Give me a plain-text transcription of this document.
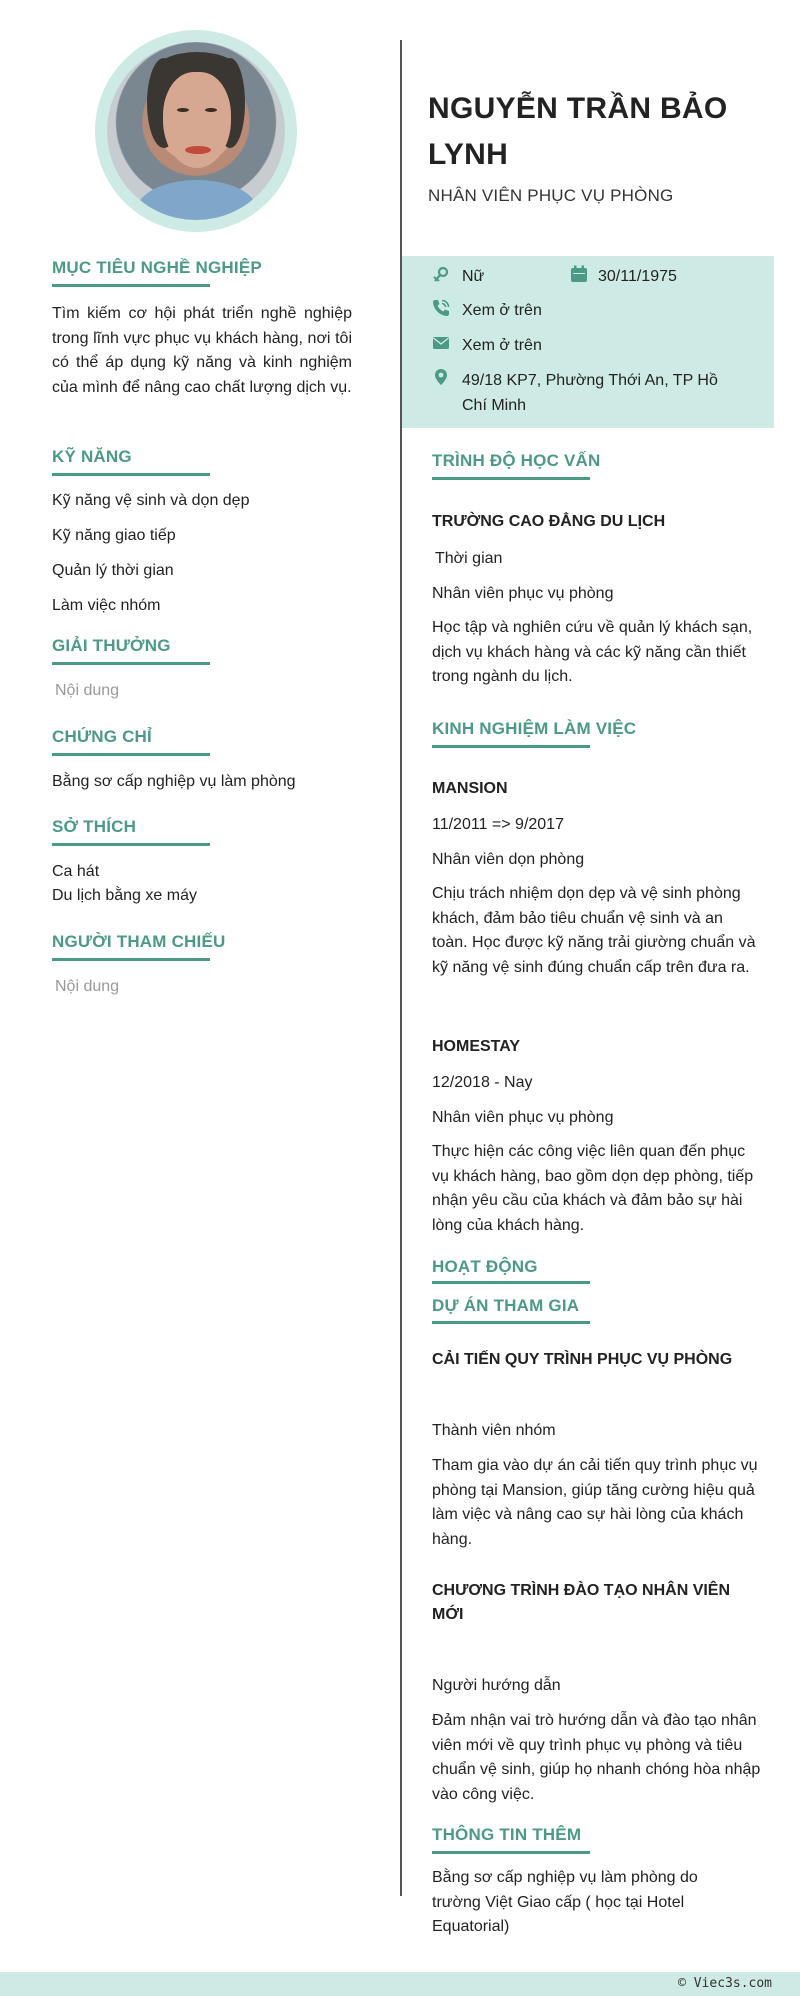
MỤC TIÊU NGHỀ NGHIỆP
Tìm kiếm cơ hội phát triển nghề nghiệp trong lĩnh vực phục vụ khách hàng, nơi tôi có thể áp dụng kỹ năng và kinh nghiệm của mình để nâng cao chất lượng dịch vụ.
KỸ NĂNG
Kỹ năng vệ sinh và dọn dẹp
Kỹ năng giao tiếp
Quản lý thời gian
Làm việc nhóm
GIẢI THƯỞNG
Nội dung
CHỨNG CHỈ
Bằng sơ cấp nghiệp vụ làm phòng
SỞ THÍCH
Ca hát
Du lịch bằng xe máy
NGƯỜI THAM CHIẾU
Nội dung
NGUYỄN TRẦN BẢO LYNH
NHÂN VIÊN PHỤC VỤ PHÒNG
Nữ	30/11/1975
Xem ở trên
Xem ở trên
49/18 KP7, Phường Thới An, TP Hồ Chí Minh
TRÌNH ĐỘ HỌC VẤN
TRƯỜNG CAO ĐẲNG DU LỊCH
Thời gian
Nhân viên phục vụ phòng
Học tập và nghiên cứu về quản lý khách sạn, dịch vụ khách hàng và các kỹ năng cần thiết trong ngành du lịch.
KINH NGHIỆM LÀM VIỆC
MANSION
11/2011 => 9/2017
Nhân viên dọn phòng
Chịu trách nhiệm dọn dẹp và vệ sinh phòng khách, đảm bảo tiêu chuẩn vệ sinh và an toàn. Học được kỹ năng trải giường chuẩn và kỹ năng vệ sinh đúng chuẩn cấp trên đưa ra.
HOMESTAY
12/2018 - Nay
Nhân viên phục vụ phòng
Thực hiện các công việc liên quan đến phục vụ khách hàng, bao gồm dọn dẹp phòng, tiếp nhận yêu cầu của khách và đảm bảo sự hài lòng của khách hàng.
HOẠT ĐỘNG
DỰ ÁN THAM GIA
CẢI TIẾN QUY TRÌNH PHỤC VỤ PHÒNG
Thành viên nhóm
Tham gia vào dự án cải tiến quy trình phục vụ phòng tại Mansion, giúp tăng cường hiệu quả làm việc và nâng cao sự hài lòng của khách hàng.
CHƯƠNG TRÌNH ĐÀO TẠO NHÂN VIÊN MỚI
Người hướng dẫn
Đảm nhận vai trò hướng dẫn và đào tạo nhân viên mới về quy trình phục vụ phòng và tiêu chuẩn vệ sinh, giúp họ nhanh chóng hòa nhập vào công việc.
THÔNG TIN THÊM
Bằng sơ cấp nghiệp vụ làm phòng do trường Việt Giao cấp ( học tại Hotel Equatorial)
© Viec3s.com
